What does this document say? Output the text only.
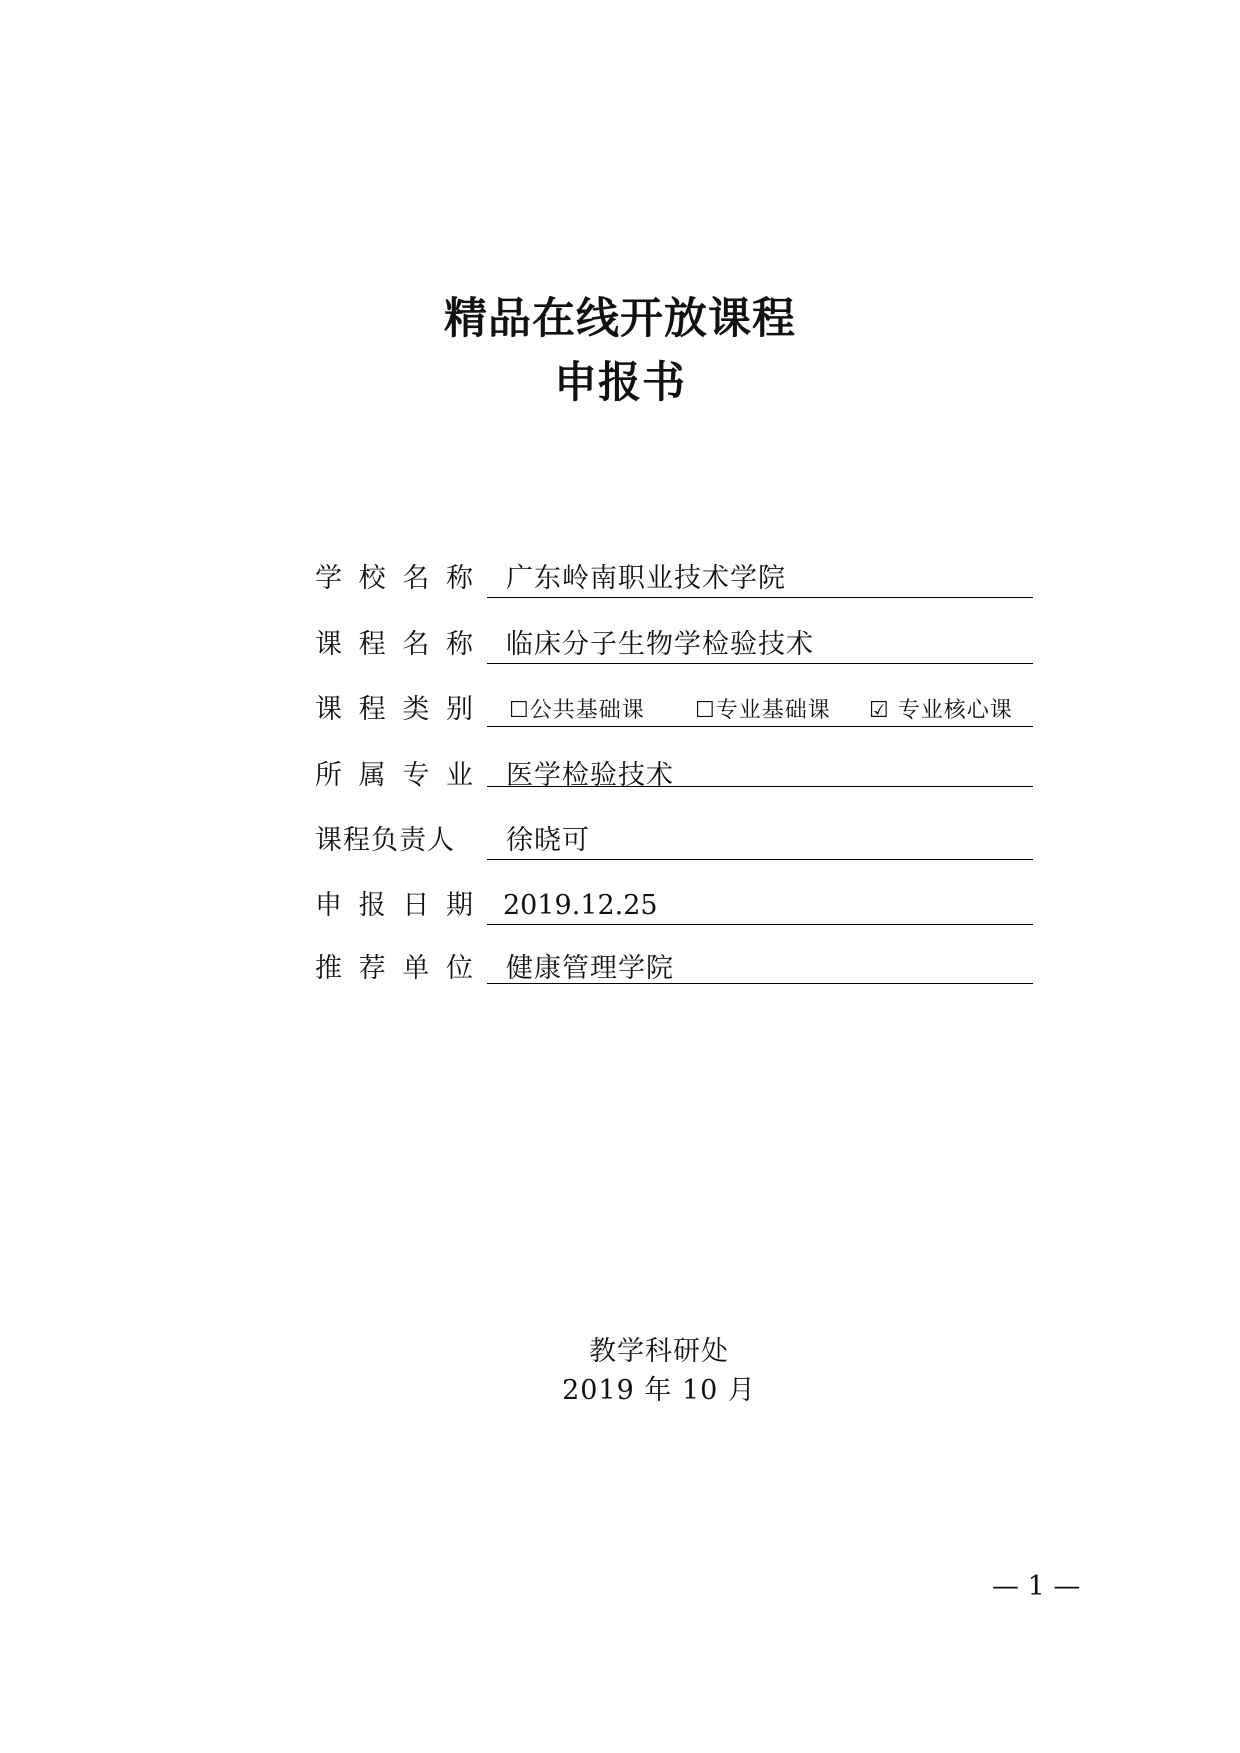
精品在线开放课程
申报书
学 校 名 称 广东岭南职业技术学院
课 程 名 称 临床分子生物学检验技术
课 程 类 别 ☐公共基础课 ☐专业基础课 ☑ 专业核心课
所 属 专 业 医学检验技术
课程负责人	徐晓可
申 报 日 期 2019.12.25
推 荐 单 位 健康管理学院
教学科研处
2019 年 10 月
— 1 —
